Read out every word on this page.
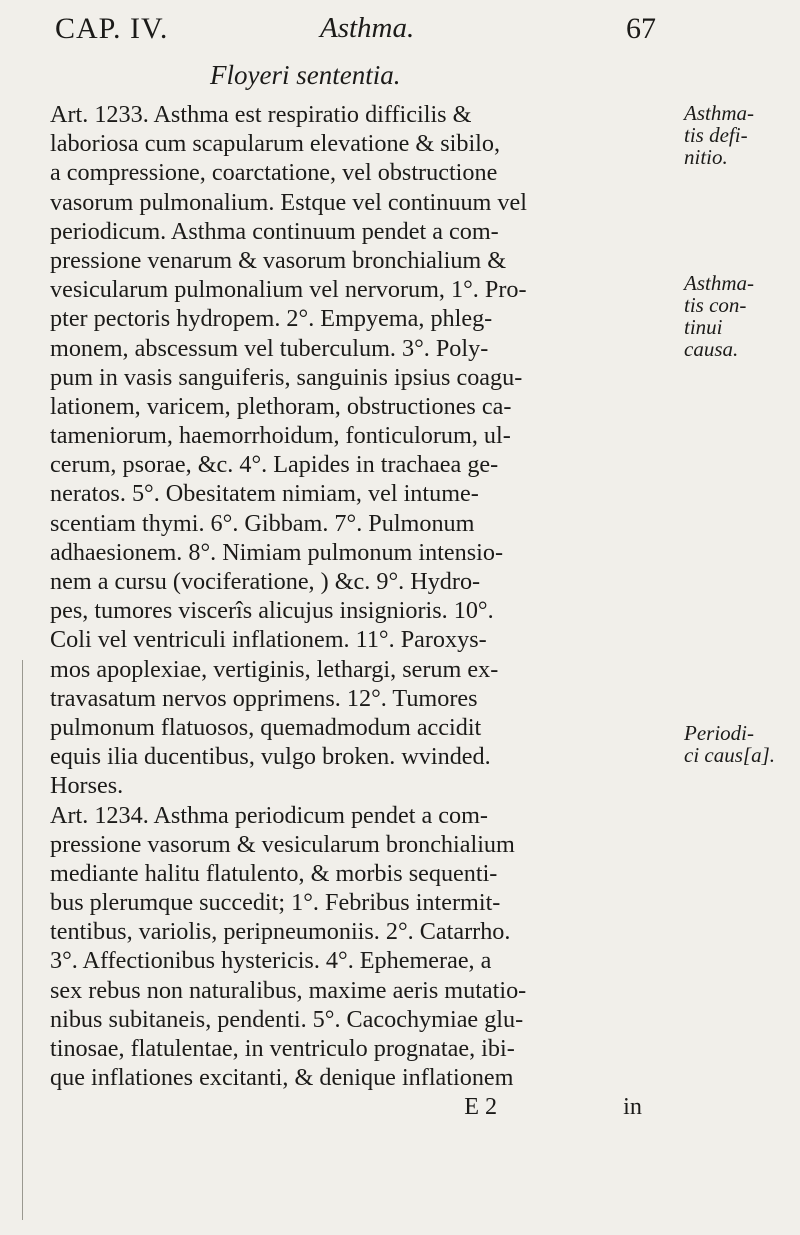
CAP. IV.	Asthma.	67
Floyeri sententia.
Art. 1233. Asthma est respiratio difficilis &
laboriosa cum scapularum elevatione & sibilo,
a compressione, coarctatione, vel obstructione
vasorum pulmonalium. Estque vel continuum vel
periodicum. Asthma continuum pendet a com-
pressione venarum & vasorum bronchialium &
vesicularum pulmonalium vel nervorum, 1°. Pro-
pter pectoris hydropem. 2°. Empyema, phleg-
monem, abscessum vel tuberculum. 3°. Poly-
pum in vasis sanguiferis, sanguinis ipsius coagu-
lationem, varicem, plethoram, obstructiones ca-
tameniorum, haemorrhoidum, fonticulorum, ul-
cerum, psorae, &c. 4°. Lapides in trachaea ge-
neratos. 5°. Obesitatem nimiam, vel intume-
scentiam thymi. 6°. Gibbam. 7°. Pulmonum
adhaesionem. 8°. Nimiam pulmonum intensio-
nem a cursu (vociferatione, ) &c. 9°. Hydro-
pes, tumores viscerîs alicujus insignioris. 10°.
Coli vel ventriculi inflationem. 11°. Paroxys-
mos apoplexiae, vertiginis, lethargi, serum ex-
travasatum nervos opprimens. 12°. Tumores
pulmonum flatuosos, quemadmodum accidit
equis ilia ducentibus, vulgo broken. wvinded.
Horses.
Art. 1234. Asthma periodicum pendet a com-
pressione vasorum & vesicularum bronchialium
mediante halitu flatulento, & morbis sequenti-
bus plerumque succedit; 1°. Febribus intermit-
tentibus, variolis, peripneumoniis. 2°. Catarrho.
3°. Affectionibus hystericis. 4°. Ephemerae, a
sex rebus non naturalibus, maxime aeris mutatio-
nibus subitaneis, pendenti. 5°. Cacochymiae glu-
tinosae, flatulentae, in ventriculo prognatae, ibi-
que inflationes excitanti, & denique inflationem
E 2	in
Asthma-
tis defi-
nitio.
Asthma-
tis con-
tinui
causa.
Periodi-
ci caus[a].
